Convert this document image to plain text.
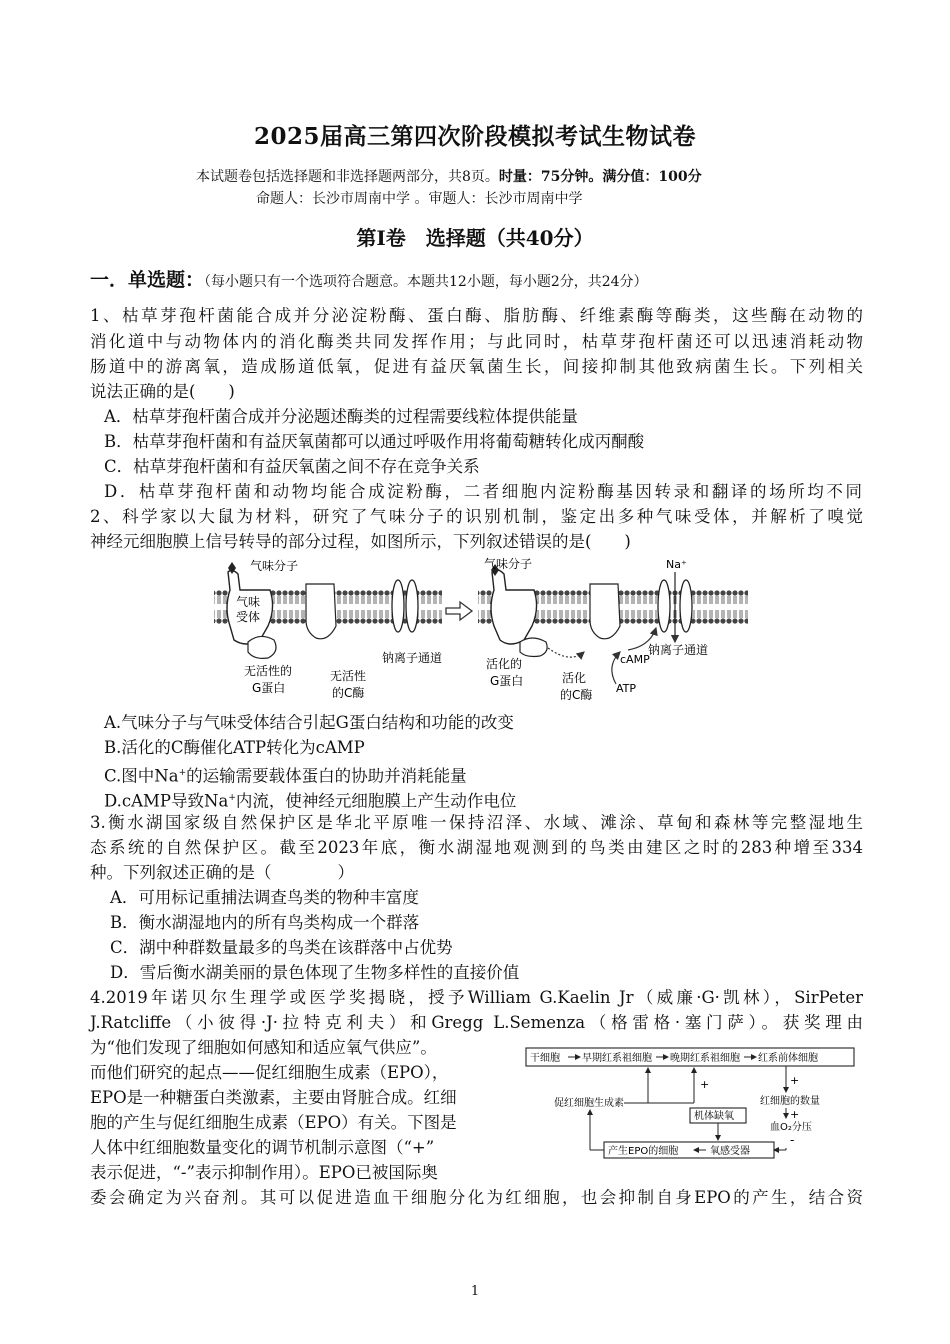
2025届高三第四次阶段模拟考试生物试卷
本试题卷包括选择题和非选择题两部分，共8页。时量：75分钟。满分值：100分
命题人：长沙市周南中学 。审题人：长沙市周南中学
第Ⅰ卷　选择题（共40分）
一．单选题：（每小题只有一个选项符合题意。本题共12小题，每小题2分，共24分）
1、枯草芽孢杆菌能合成并分泌淀粉酶、蛋白酶、脂肪酶、纤维素酶等酶类，这些酶在动物的
消化道中与动物体内的消化酶类共同发挥作用；与此同时，枯草芽孢杆菌还可以迅速消耗动物
肠道中的游离氧，造成肠道低氧，促进有益厌氧菌生长，间接抑制其他致病菌生长。下列相关
说法正确的是(　　)
A．枯草芽孢杆菌合成并分泌题述酶类的过程需要线粒体提供能量
B．枯草芽孢杆菌和有益厌氧菌都可以通过呼吸作用将葡萄糖转化成丙酮酸
C．枯草芽孢杆菌和有益厌氧菌之间不存在竞争关系
D．枯草芽孢杆菌和动物均能合成淀粉酶，二者细胞内淀粉酶基因转录和翻译的场所均不同
2、科学家以大鼠为材料，研究了气味分子的识别机制，鉴定出多种气味受体，并解析了嗅觉
神经元细胞膜上信号转导的部分过程，如图所示，下列叙述错误的是(　　)
气味分子
气味
受体
无活性的
G蛋白
无活性
的C酶
钠离子通道
气味分子
活化的
G蛋白	活化
的C酶
cAMP
ATP
Na⁺
钠离子通道
A.气味分子与气味受体结合引起G蛋白结构和功能的改变
B.活化的C酶催化ATP转化为cAMP
C.图中Na+的运输需要载体蛋白的协助并消耗能量
D.cAMP导致Na+内流，使神经元细胞膜上产生动作电位
3.衡水湖国家级自然保护区是华北平原唯一保持沼泽、水域、滩涂、草甸和森林等完整湿地生
态系统的自然保护区。截至2023年底，衡水湖湿地观测到的鸟类由建区之时的283种增至334
种。下列叙述正确的是（　　　　）
A．可用标记重捕法调查鸟类的物种丰富度
B．衡水湖湿地内的所有鸟类构成一个群落
C．湖中种群数量最多的鸟类在该群落中占优势
D．雪后衡水湖美丽的景色体现了生物多样性的直接价值
4.2019年诺贝尔生理学或医学奖揭晓，授予William G.Kaelin Jr（威廉·G·凯林），SirPeter
J.Ratcliffe（小彼得·J·拉特克利夫）和Gregg L.Semenza（格雷格·塞门萨）。获奖理由
为“他们发现了细胞如何感知和适应氧气供应”。
而他们研究的起点——促红细胞生成素（EPO），
EPO是一种糖蛋白类激素，主要由肾脏合成。红细
胞的产生与促红细胞生成素（EPO）有关。下图是
人体中红细胞数量变化的调节机制示意图（“+”
表示促进，“-”表示抑制作用）。EPO已被国际奥
委会确定为兴奋剂。其可以促进造血干细胞分化为红细胞，也会抑制自身EPO的产生，结合资
干细胞 早期红系祖细胞 晚期红系祖细胞 红系前体细胞
促红细胞生成素
+	+
红细胞的数量
+
血O₂分压
-
机体缺氧
产生EPO的细胞	氧感受器
1
